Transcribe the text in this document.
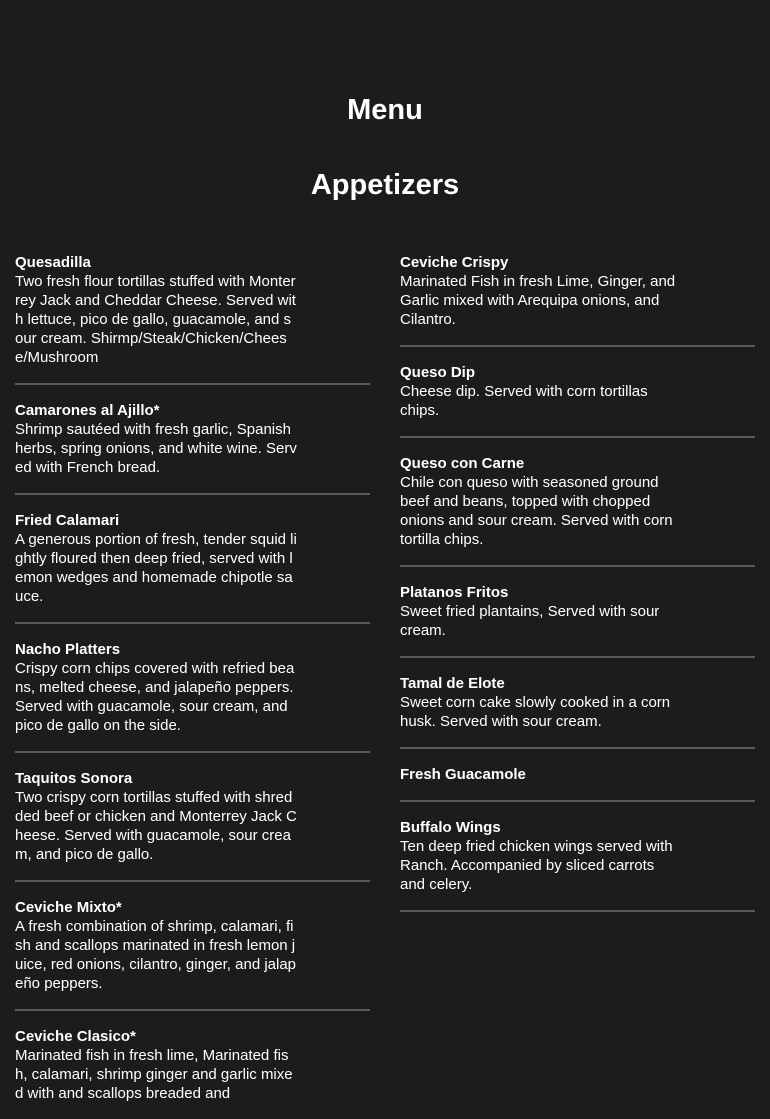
Menu
Appetizers
Quesadilla
Two fresh flour tortillas stuffed with Monterrey Jack and Cheddar Cheese. Served with lettuce, pico de gallo, guacamole, and sour cream. Shirmp/Steak/Chicken/Cheese/Mushroom
Camarones al Ajillo*
Shrimp sautéed with fresh garlic, Spanish herbs, spring onions, and white wine. Served with French bread.
Fried Calamari
A generous portion of fresh, tender squid lightly floured then deep fried, served with lemon wedges and homemade chipotle sauce.
Nacho Platters
Crispy corn chips covered with refried beans, melted cheese, and jalapeño peppers. Served with guacamole, sour cream, and pico de gallo on the side.
Taquitos Sonora
Two crispy corn tortillas stuffed with shredded beef or chicken and Monterrey Jack Cheese. Served with guacamole, sour cream, and pico de gallo.
Ceviche Mixto*
A fresh combination of shrimp, calamari, fish and scallops marinated in fresh lemon juice, red onions, cilantro, ginger, and jalapeño peppers.
Ceviche Clasico*
Marinated fish in fresh lime, Marinated fish, calamari, shrimp ginger and garlic mixed with and scallops breaded and
Ceviche Crispy
Marinated Fish in fresh Lime, Ginger, and Garlic mixed with Arequipa onions, and Cilantro.
Queso Dip
Cheese dip. Served with corn tortillas chips.
Queso con Carne
Chile con queso with seasoned ground beef and beans, topped with chopped onions and sour cream. Served with corn tortilla chips.
Platanos Fritos
Sweet fried plantains, Served with sour cream.
Tamal de Elote
Sweet corn cake slowly cooked in a corn husk. Served with sour cream.
Fresh Guacamole
Buffalo Wings
Ten deep fried chicken wings served with Ranch. Accompanied by sliced carrots and celery.
